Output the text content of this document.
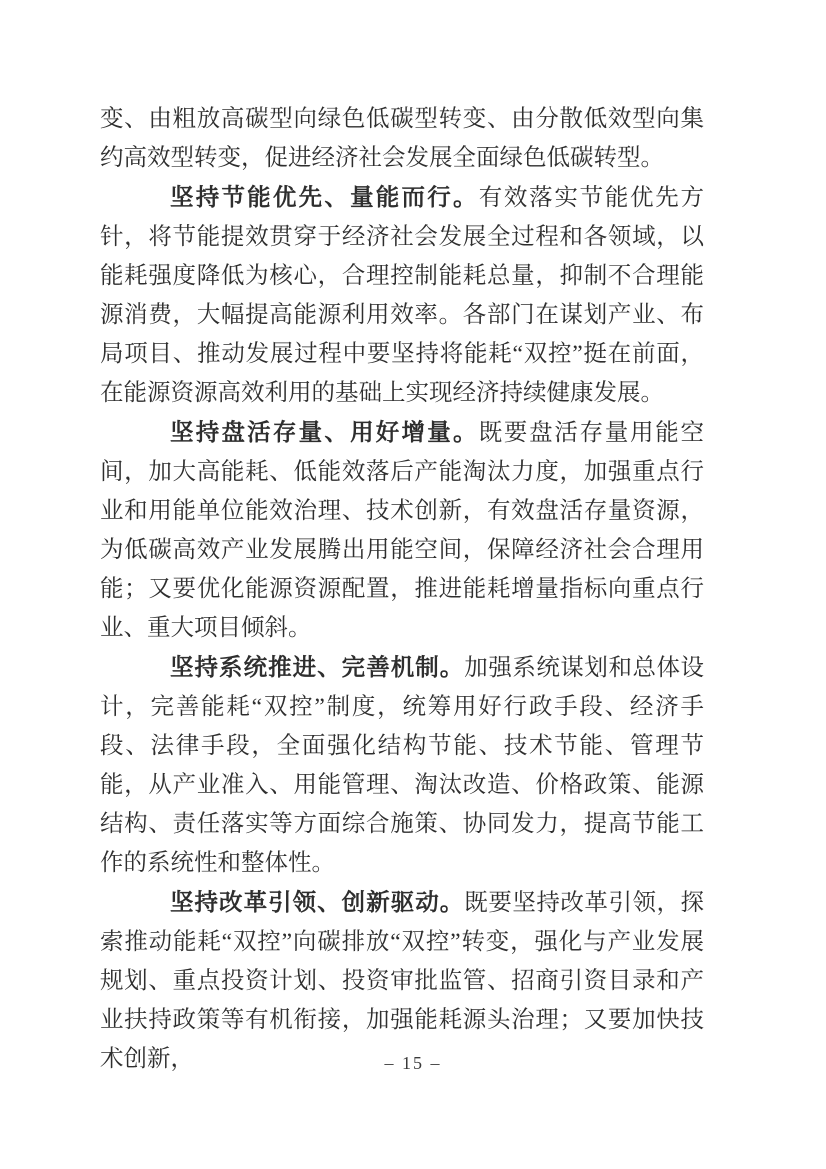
变、由粗放高碳型向绿色低碳型转变、由分散低效型向集约高效型转变，促进经济社会发展全面绿色低碳转型。

坚持节能优先、量能而行。有效落实节能优先方针，将节能提效贯穿于经济社会发展全过程和各领域，以能耗强度降低为核心，合理控制能耗总量，抑制不合理能源消费，大幅提高能源利用效率。各部门在谋划产业、布局项目、推动发展过程中要坚持将能耗“双控”挺在前面，在能源资源高效利用的基础上实现经济持续健康发展。

坚持盘活存量、用好增量。既要盘活存量用能空间，加大高能耗、低能效落后产能淘汰力度，加强重点行业和用能单位能效治理、技术创新，有效盘活存量资源，为低碳高效产业发展腾出用能空间，保障经济社会合理用能；又要优化能源资源配置，推进能耗增量指标向重点行业、重大项目倾斜。

坚持系统推进、完善机制。加强系统谋划和总体设计，完善能耗“双控”制度，统筹用好行政手段、经济手段、法律手段，全面强化结构节能、技术节能、管理节能，从产业准入、用能管理、淘汰改造、价格政策、能源结构、责任落实等方面综合施策、协同发力，提高节能工作的系统性和整体性。

坚持改革引领、创新驱动。既要坚持改革引领，探索推动能耗“双控”向碳排放“双控”转变，强化与产业发展规划、重点投资计划、投资审批监管、招商引资目录和产业扶持政策等有机衔接，加强能耗源头治理；又要加快技术创新，	– 15 –
